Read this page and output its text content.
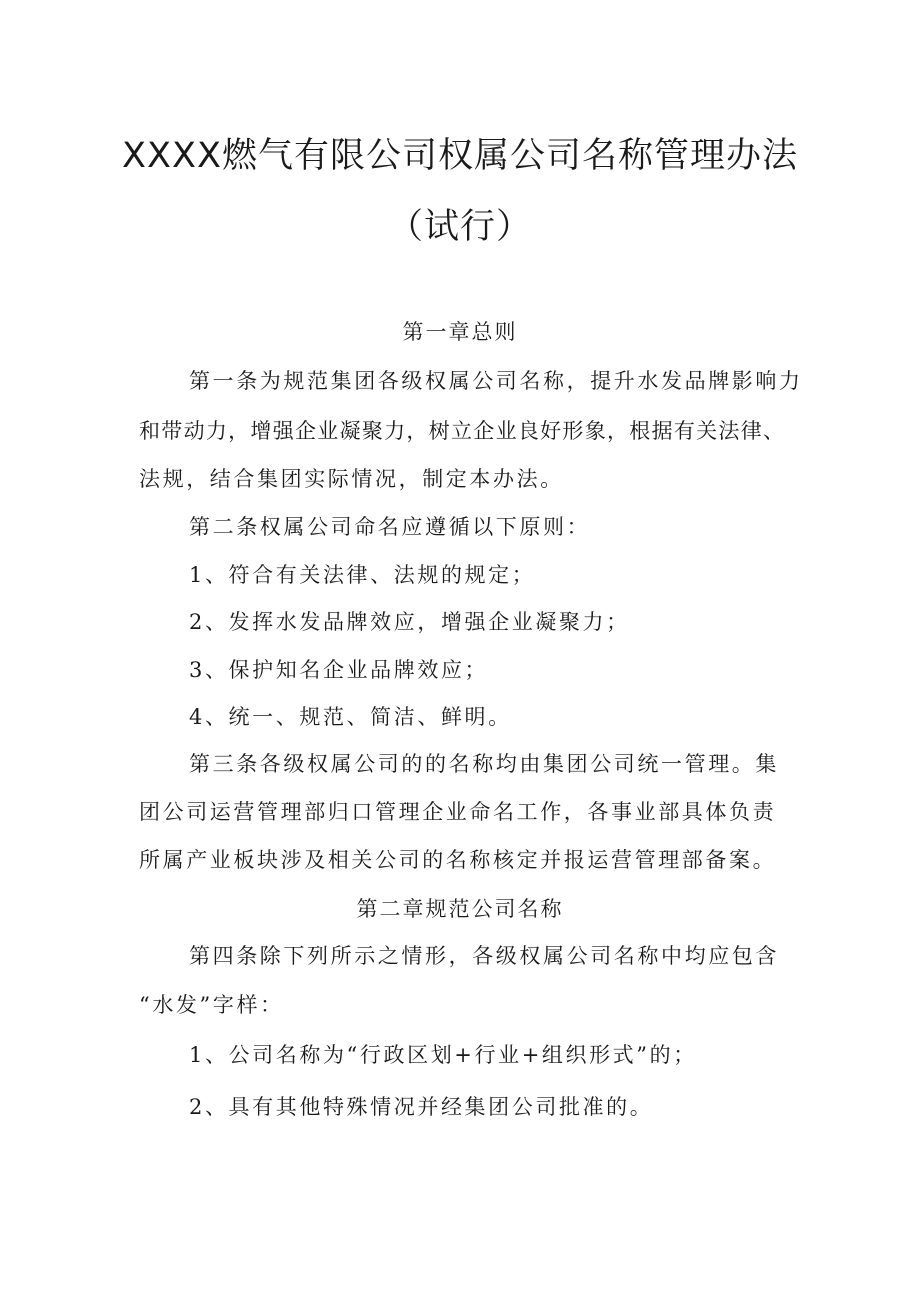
XXXX燃气有限公司权属公司名称管理办法
（试行）
第一章总则
第一条为规范集团各级权属公司名称，提升水发品牌影响力
和带动力，增强企业凝聚力，树立企业良好形象，根据有关法律、
法规，结合集团实际情况，制定本办法。
第二条权属公司命名应遵循以下原则：
1、符合有关法律、法规的规定；
2、发挥水发品牌效应，增强企业凝聚力；
3、保护知名企业品牌效应；
4、统一、规范、简洁、鲜明。
第三条各级权属公司的的名称均由集团公司统一管理。集
团公司运营管理部归口管理企业命名工作，各事业部具体负责
所属产业板块涉及相关公司的名称核定并报运营管理部备案。
第二章规范公司名称
第四条除下列所示之情形，各级权属公司名称中均应包含
“水发”字样：
1、公司名称为“行政区划+行业+组织形式”的；
2、具有其他特殊情况并经集团公司批准的。
